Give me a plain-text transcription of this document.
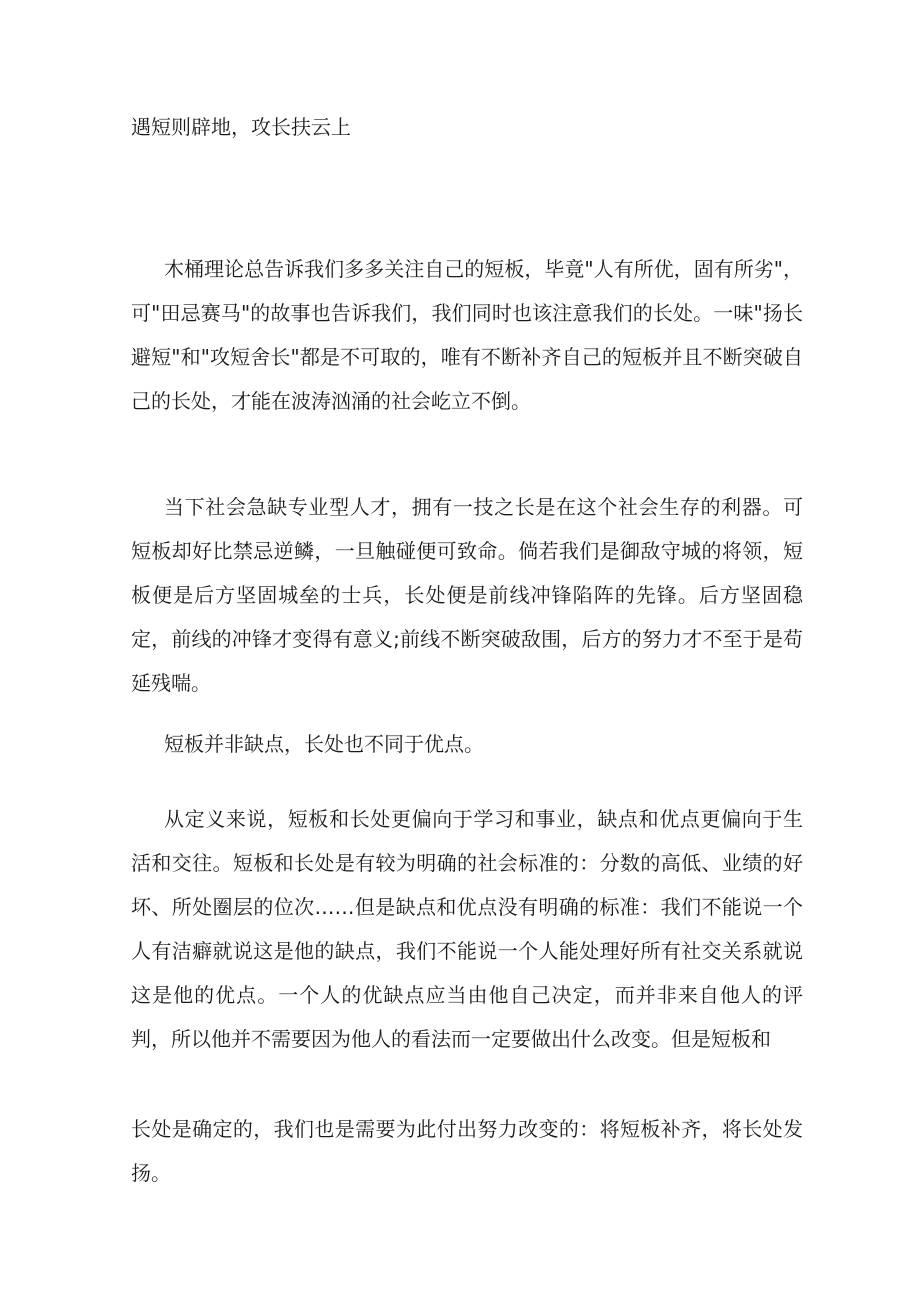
遇短则辟地，攻长扶云上

木桶理论总告诉我们多多关注自己的短板，毕竟"人有所优，固有所劣"，可"田忌赛马"的故事也告诉我们，我们同时也该注意我们的长处。一味"扬长避短"和"攻短舍长"都是不可取的，唯有不断补齐自己的短板并且不断突破自己的长处，才能在波涛汹涌的社会屹立不倒。

当下社会急缺专业型人才，拥有一技之长是在这个社会生存的利器。可短板却好比禁忌逆鳞，一旦触碰便可致命。倘若我们是御敌守城的将领，短板便是后方坚固城垒的士兵，长处便是前线冲锋陷阵的先锋。后方坚固稳定，前线的冲锋才变得有意义;前线不断突破敌围，后方的努力才不至于是苟延残喘。

短板并非缺点，长处也不同于优点。

从定义来说，短板和长处更偏向于学习和事业，缺点和优点更偏向于生活和交往。短板和长处是有较为明确的社会标准的：分数的高低、业绩的好坏、所处圈层的位次……但是缺点和优点没有明确的标准：我们不能说一个人有洁癖就说这是他的缺点，我们不能说一个人能处理好所有社交关系就说这是他的优点。一个人的优缺点应当由他自己决定，而并非来自他人的评判，所以他并不需要因为他人的看法而一定要做出什么改变。但是短板和

长处是确定的，我们也是需要为此付出努力改变的：将短板补齐，将长处发扬。
